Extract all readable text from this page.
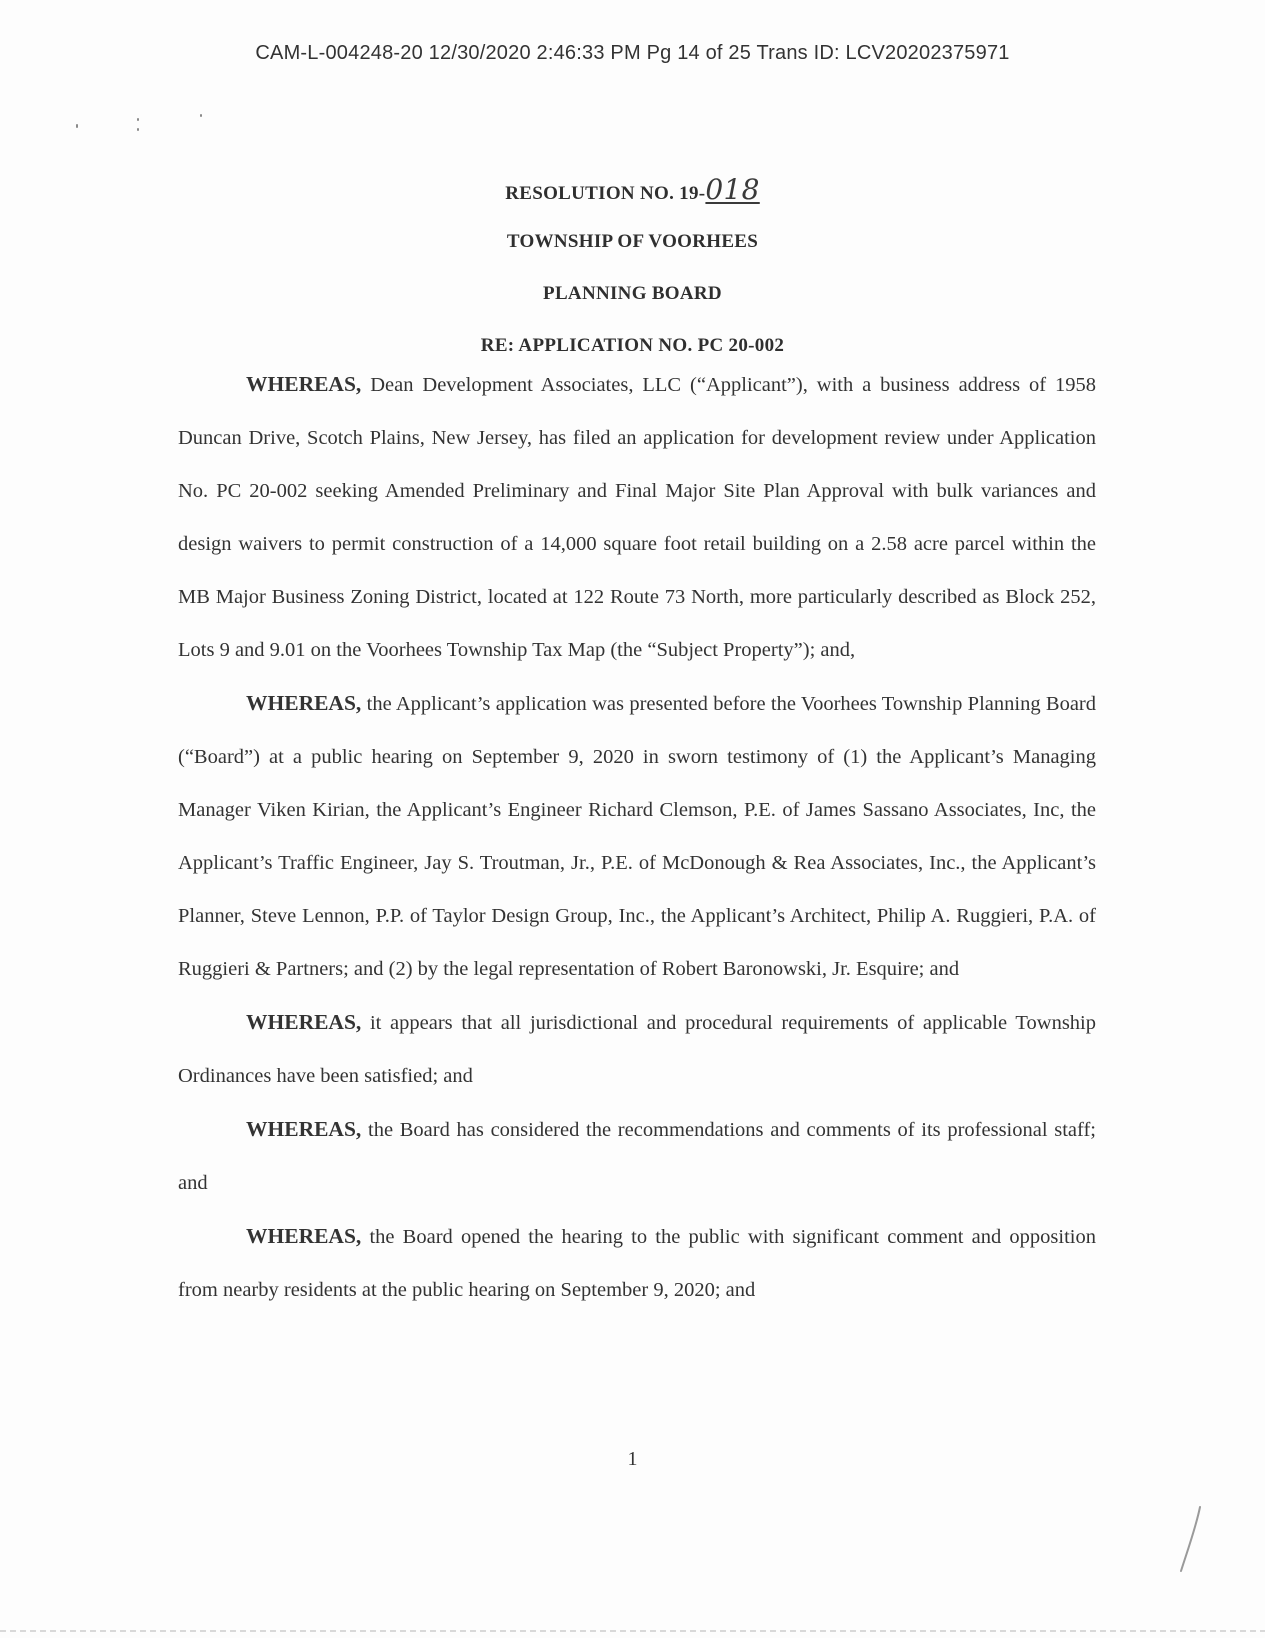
CAM-L-004248-20 12/30/2020 2:46:33 PM Pg 14 of 25 Trans ID: LCV20202375971
RESOLUTION NO. 19-018
TOWNSHIP OF VOORHEES
PLANNING BOARD
RE: APPLICATION NO. PC 20-002

WHEREAS, Dean Development Associates, LLC (“Applicant”), with a business address of 1958 Duncan Drive, Scotch Plains, New Jersey, has filed an application for development review under Application No. PC 20-002 seeking Amended Preliminary and Final Major Site Plan Approval with bulk variances and design waivers to permit construction of a 14,000 square foot retail building on a 2.58 acre parcel within the MB Major Business Zoning District, located at 122 Route 73 North, more particularly described as Block 252, Lots 9 and 9.01 on the Voorhees Township Tax Map (the “Subject Property”); and,

WHEREAS, the Applicant’s application was presented before the Voorhees Township Planning Board (“Board”) at a public hearing on September 9, 2020 in sworn testimony of (1) the Applicant’s Managing Manager Viken Kirian, the Applicant’s Engineer Richard Clemson, P.E. of James Sassano Associates, Inc, the Applicant’s Traffic Engineer, Jay S. Troutman, Jr., P.E. of McDonough & Rea Associates, Inc., the Applicant’s Planner, Steve Lennon, P.P. of Taylor Design Group, Inc., the Applicant’s Architect, Philip A. Ruggieri, P.A. of Ruggieri & Partners; and (2) by the legal representation of Robert Baronowski, Jr. Esquire; and

WHEREAS, it appears that all jurisdictional and procedural requirements of applicable Township Ordinances have been satisfied; and

WHEREAS, the Board has considered the recommendations and comments of its professional staff; and

WHEREAS, the Board opened the hearing to the public with significant comment and opposition from nearby residents at the public hearing on September 9, 2020; and

1
